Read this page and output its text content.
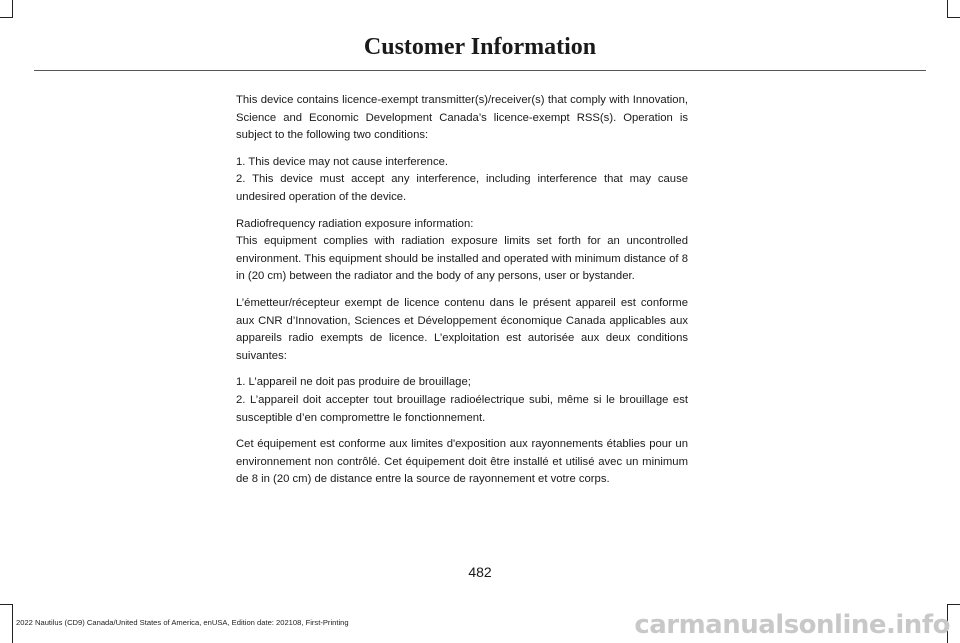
Customer Information

This device contains licence-exempt transmitter(s)/receiver(s) that comply with Innovation, Science and Economic Development Canada’s licence-exempt RSS(s). Operation is subject to the following two conditions:

1. This device may not cause interference.

2. This device must accept any interference, including interference that may cause undesired operation of the device.

Radiofrequency radiation exposure information:

This equipment complies with radiation exposure limits set forth for an uncontrolled environment. This equipment should be installed and operated with minimum distance of 8 in (20 cm) between the radiator and the body of any persons, user or bystander.

L’émetteur/récepteur exempt de licence contenu dans le présent appareil est conforme aux CNR d’Innovation, Sciences et Développement économique Canada applicables aux appareils radio exempts de licence. L’exploitation est autorisée aux deux conditions suivantes:

1. L’appareil ne doit pas produire de brouillage;

2. L’appareil doit accepter tout brouillage radioélectrique subi, même si le brouillage est susceptible d’en compromettre le fonctionnement.

Cet équipement est conforme aux limites d'exposition aux rayonnements établies pour un environnement non contrôlé. Cet équipement doit être installé et utilisé avec un minimum de 8 in (20 cm) de distance entre la source de rayonnement et votre corps.

482
2022 Nautilus (CD9) Canada/United States of America, enUSA, Edition date: 202108, First-Printing	carmanualsonline.info
